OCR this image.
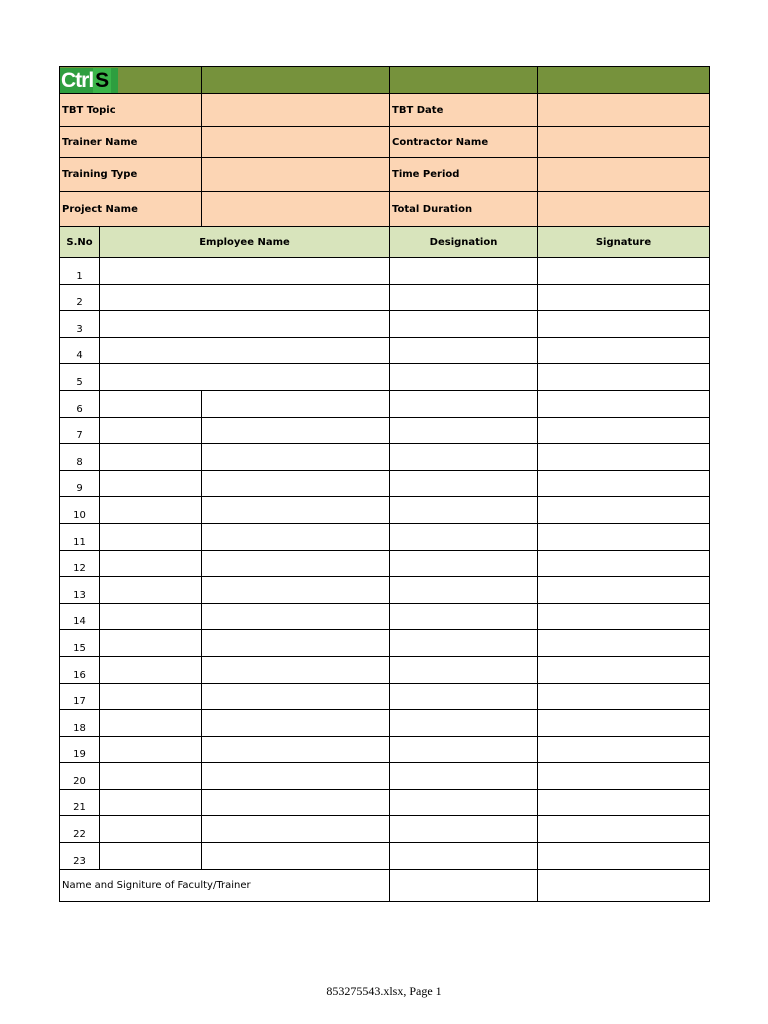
Ctrl S				

TBT Topic			TBT Date	
Trainer Name			Contractor Name	
Training Type			Time Period	
Project Name			Total Duration	
S.No	Employee Name		Designation	Signature
1				
2				
3				
4				
5				
6				
7				
8				
9				
10				
11				
12				
13				
14				
15				
16				
17				
18				
19				
20				
21				
22				
23				
Name and Signiture of Faculty/Trainer				
853275543.xlsx, Page 1
